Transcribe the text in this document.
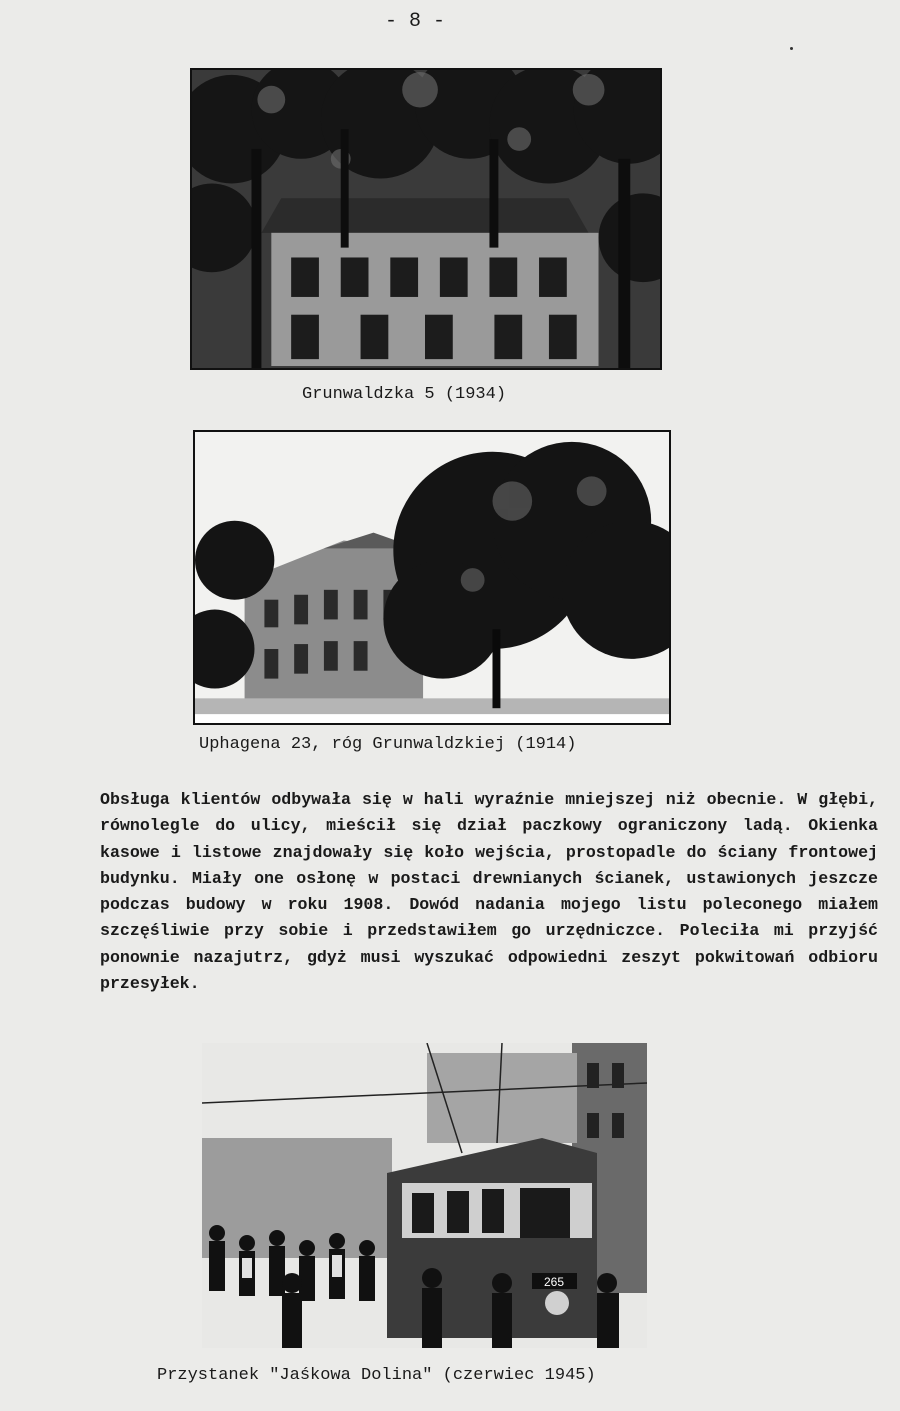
- 8 -
Grunwaldzka 5 (1934)
Uphagena 23, róg Grunwaldzkiej (1914)

Obsługa klientów odbywała się w hali wyraźnie mniejszej niż obecnie. W głębi, równolegle do ulicy, mieścił się dział paczkowy ograniczony ladą. Okienka kasowe i listowe znajdowały się koło wejścia, prostopadle do ściany frontowej budynku. Miały one osłonę w postaci drewnianych ścianek, ustawionych jeszcze podczas budowy w roku 1908. Dowód nadania mojego listu poleconego miałem szczęśliwie przy sobie i przedstawiłem go urzędniczce. Poleciła mi przyjść ponownie nazajutrz, gdyż musi wyszukać odpowiedni zeszyt pokwitowań odbioru przesyłek.

265
Przystanek "Jaśkowa Dolina" (czerwiec 1945)
